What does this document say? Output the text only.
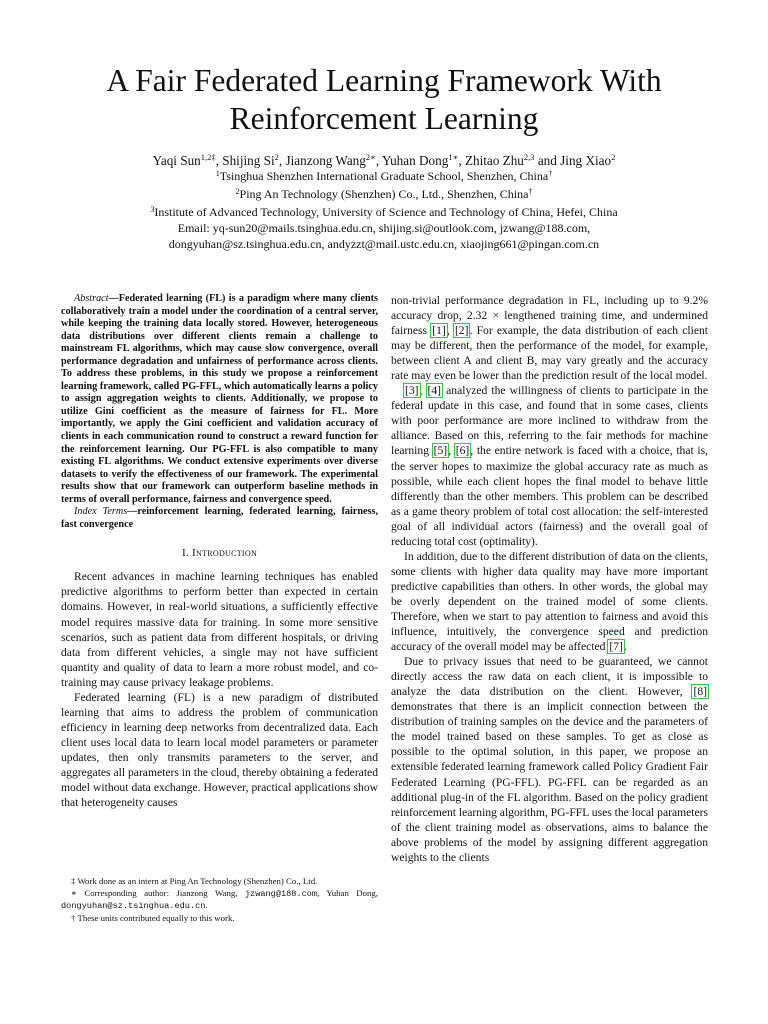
A Fair Federated Learning Framework With
Reinforcement Learning
Yaqi Sun$^{1,2\ddagger}$, Shijing Si$^2$, Jianzong Wang$^{2∗}$, Yuhan Dong$^{1∗}$, Zhitao Zhu$^{2,3}$ and Jing Xiao$^2$
$^1$Tsinghua Shenzhen International Graduate School, Shenzhen, China†
$^2$Ping An Technology (Shenzhen) Co., Ltd., Shenzhen, China†
$^3$Institute of Advanced Technology, University of Science and Technology of China, Hefei, China
Email: yq-sun20@mails.tsinghua.edu.cn, shijing.si@outlook.com, jzwang@188.com,
dongyuhan@sz.tsinghua.edu.cn, andyzzt@mail.ustc.edu.cn, xiaojing661@pingan.com.cn

Abstract—Federated learning (FL) is a paradigm where many clients collaboratively train a model under the coordination of a central server, while keeping the training data locally stored. However, heterogeneous data distributions over different clients remain a challenge to mainstream FL algorithms, which may cause slow convergence, overall performance degradation and unfairness of performance across clients. To address these problems, in this study we propose a reinforcement learning framework, called PG-FFL, which automatically learns a policy to assign aggregation weights to clients. Additionally, we propose to utilize Gini coefficient as the measure of fairness for FL. More importantly, we apply the Gini coefficient and validation accuracy of clients in each communication round to construct a reward function for the reinforcement learning. Our PG-FFL is also compatible to many existing FL algorithms. We conduct extensive experiments over diverse datasets to verify the effectiveness of our framework. The experimental results show that our framework can outperform baseline methods in terms of overall performance, fairness and convergence speed.

Index Terms—reinforcement learning, federated learning, fairness, fast convergence

I. Introduction

Recent advances in machine learning techniques has enabled predictive algorithms to perform better than expected in certain domains. However, in real-world situations, a sufficiently effective model requires massive data for training. In some more sensitive scenarios, such as patient data from different hospitals, or driving data from different vehicles, a single may not have sufficient quantity and quality of data to learn a more robust model, and co-training may cause privacy leakage problems.

Federated learning (FL) is a new paradigm of distributed learning that aims to address the problem of communication efficiency in learning deep networks from decentralized data. Each client uses local data to learn local model parameters or parameter updates, then only transmits parameters to the server, and aggregates all parameters in the cloud, thereby obtaining a federated model without data exchange. However, practical applications show that heterogeneity causes

‡ Work done as an intern at Ping An Technology (Shenzhen) Co., Ltd.

∗ Corresponding author: Jianzong Wang, jzwang@188.com, Yuhan Dong, dongyuhan@sz.tsinghua.edu.cn.

† These units contributed equally to this work.

non-trivial performance degradation in FL, including up to 9.2% accuracy drop, 2.32 × lengthened training time, and undermined fairness [1], [2]. For example, the data distribution of each client may be different, then the performance of the model, for example, between client A and client B, may vary greatly and the accuracy rate may even be lower than the prediction result of the local model.

[3], [4] analyzed the willingness of clients to participate in the federal update in this case, and found that in some cases, clients with poor performance are more inclined to withdraw from the alliance. Based on this, referring to the fair methods for machine learning [5], [6], the entire network is faced with a choice, that is, the server hopes to maximize the global accuracy rate as much as possible, while each client hopes the final model to behave little differently than the other members. This problem can be described as a game theory problem of total cost allocation: the self-interested goal of all individual actors (fairness) and the overall goal of reducing total cost (optimality).

In addition, due to the different distribution of data on the clients, some clients with higher data quality may have more important predictive capabilities than others. In other words, the global may be overly dependent on the trained model of some clients. Therefore, when we start to pay attention to fairness and avoid this influence, intuitively, the convergence speed and prediction accuracy of the overall model may be affected [7].

Due to privacy issues that need to be guaranteed, we cannot directly access the raw data on each client, it is impossible to analyze the data distribution on the client. However, [8] demonstrates that there is an implicit connection between the distribution of training samples on the device and the parameters of the model trained based on these samples. To get as close as possible to the optimal solution, in this paper, we propose an extensible federated learning framework called Policy Gradient Fair Federated Learning (PG-FFL). PG-FFL can be regarded as an additional plug-in of the FL algorithm. Based on the policy gradient reinforcement learning algorithm, PG-FFL uses the local parameters of the client training model as observations, aims to balance the above problems of the model by assigning different aggregation weights to the clients
